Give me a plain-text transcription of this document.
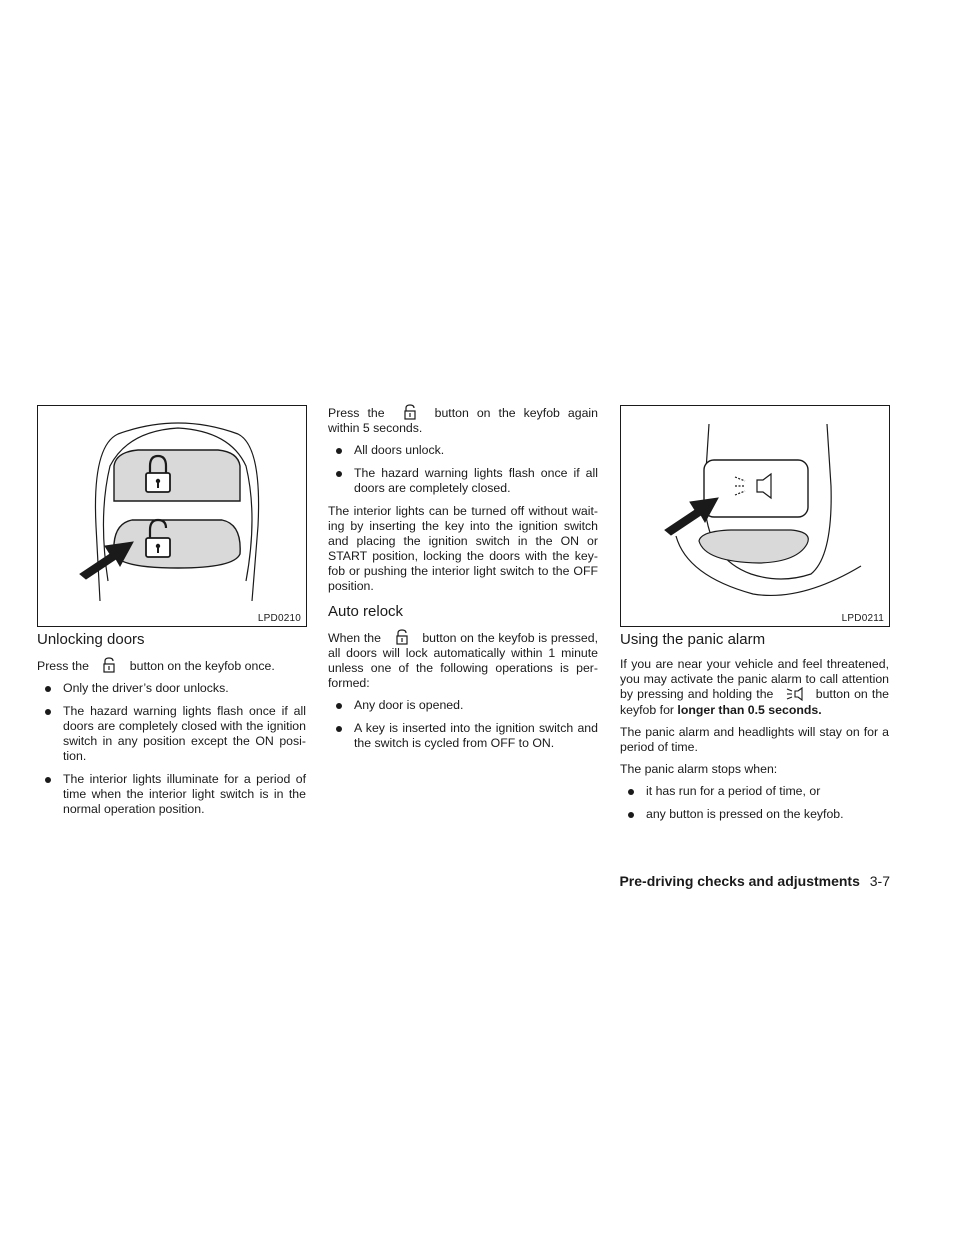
LPD0210
Unlocking doors

Press the	button on the keyfob once.

Only the driver’s door unlocks.
The hazard warning lights flash once if all doors are completely closed with the ignition switch in any position except the ON posi-tion.
The interior lights illuminate for a period of time when the interior light switch is in the normal operation position.

Press the	button on the keyfob again within 5 seconds.

All doors unlock.
The hazard warning lights flash once if all doors are completely closed.

The interior lights can be turned off without wait-ing by inserting the key into the ignition switch and placing the ignition switch in the ON or START position, locking the doors with the key-fob or pushing the interior light switch to the OFF position.

Auto relock

When the	button on the keyfob is pressed, all doors will lock automatically within 1 minute unless one of the following operations is per-formed:

Any door is opened.
A key is inserted into the ignition switch and the switch is cycled from OFF to ON.
LPD0211
Using the panic alarm

If you are near your vehicle and feel threatened, you may activate the panic alarm to call attention by pressing and holding the	button on the keyfob for longer than 0.5 seconds.

The panic alarm and headlights will stay on for a period of time.

The panic alarm stops when:

it has run for a period of time, or
any button is pressed on the keyfob.
Pre-driving checks and adjustments 3-7
